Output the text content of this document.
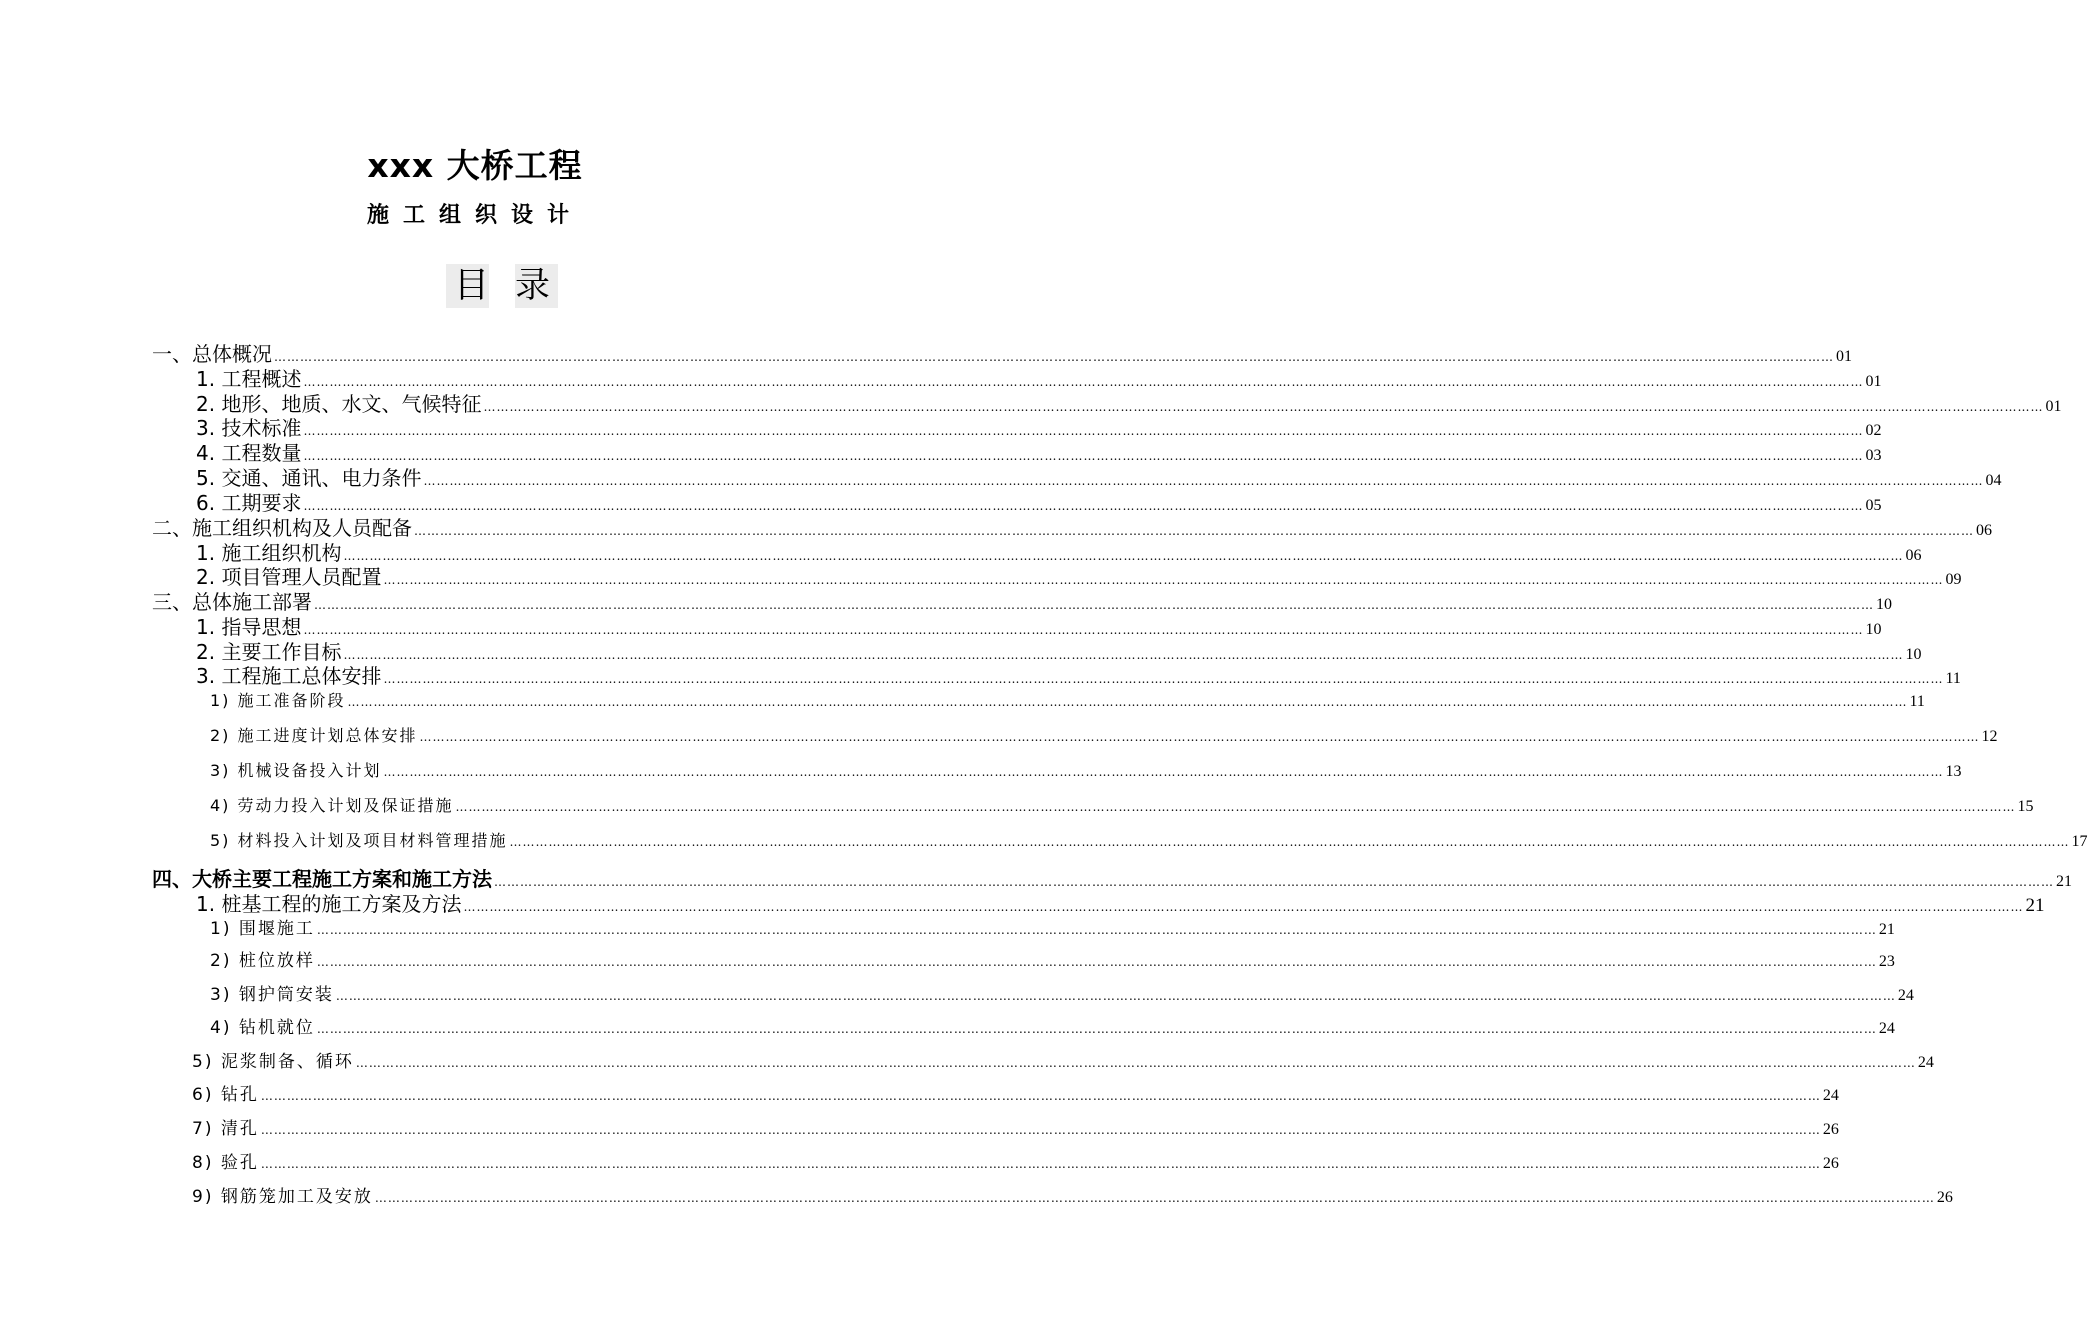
xxx 大桥工程
施工组织设计
目 录
一、总体概况 ……………………………………………………………………………………………………………………………………………………………………………………………………………………………………………………………………………………………………………………………… 01
1. 工程概述 ……………………………………………………………………………………………………………………………………………………………………………………………………………………………………………………………………………………………………………………………… 01
2. 地形、地质、水文、气候特征 ……………………………………………………………………………………………………………………………………………………………………………………………………………………………………………………………………………………………………………………………… 01
3. 技术标准 ……………………………………………………………………………………………………………………………………………………………………………………………………………………………………………………………………………………………………………………………… 02
4. 工程数量 ……………………………………………………………………………………………………………………………………………………………………………………………………………………………………………………………………………………………………………………………… 03
5. 交通、通讯、电力条件 ……………………………………………………………………………………………………………………………………………………………………………………………………………………………………………………………………………………………………………………………… 04
6. 工期要求 ……………………………………………………………………………………………………………………………………………………………………………………………………………………………………………………………………………………………………………………………… 05
二、施工组织机构及人员配备 ……………………………………………………………………………………………………………………………………………………………………………………………………………………………………………………………………………………………………………………………… 06
1. 施工组织机构 ……………………………………………………………………………………………………………………………………………………………………………………………………………………………………………………………………………………………………………………………… 06
2. 项目管理人员配置 ……………………………………………………………………………………………………………………………………………………………………………………………………………………………………………………………………………………………………………………………… 09
三、总体施工部署 ……………………………………………………………………………………………………………………………………………………………………………………………………………………………………………………………………………………………………………………………… 10
1. 指导思想 ……………………………………………………………………………………………………………………………………………………………………………………………………………………………………………………………………………………………………………………………… 10
2. 主要工作目标 ……………………………………………………………………………………………………………………………………………………………………………………………………………………………………………………………………………………………………………………………… 10
3. 工程施工总体安排 ……………………………………………………………………………………………………………………………………………………………………………………………………………………………………………………………………………………………………………………………… 11
1) 施工准备阶段 ……………………………………………………………………………………………………………………………………………………………………………………………………………………………………………………………………………………………………………………………… 11
2) 施工进度计划总体安排 ……………………………………………………………………………………………………………………………………………………………………………………………………………………………………………………………………………………………………………………………… 12
3) 机械设备投入计划 ……………………………………………………………………………………………………………………………………………………………………………………………………………………………………………………………………………………………………………………………… 13
4) 劳动力投入计划及保证措施 ……………………………………………………………………………………………………………………………………………………………………………………………………………………………………………………………………………………………………………………………… 15
5) 材料投入计划及项目材料管理措施 ……………………………………………………………………………………………………………………………………………………………………………………………………………………………………………………………………………………………………………………………… 17
四、大桥主要工程施工方案和施工方法 ……………………………………………………………………………………………………………………………………………………………………………………………………………………………………………………………………………………………………………………………… 21
1. 桩基工程的施工方案及方法 ……………………………………………………………………………………………………………………………………………………………………………………………………………………………………………………………………………………………………………………………… 21
1) 围堰施工 ……………………………………………………………………………………………………………………………………………………………………………………………………………………………………………………………………………………………………………………………… 21
2) 桩位放样 ……………………………………………………………………………………………………………………………………………………………………………………………………………………………………………………………………………………………………………………………… 23
3) 钢护筒安装 ……………………………………………………………………………………………………………………………………………………………………………………………………………………………………………………………………………………………………………………………… 24
4) 钻机就位 ……………………………………………………………………………………………………………………………………………………………………………………………………………………………………………………………………………………………………………………………… 24
5) 泥浆制备、循环 ……………………………………………………………………………………………………………………………………………………………………………………………………………………………………………………………………………………………………………………………… 24
6) 钻孔 ……………………………………………………………………………………………………………………………………………………………………………………………………………………………………………………………………………………………………………………………… 24
7) 清孔 ……………………………………………………………………………………………………………………………………………………………………………………………………………………………………………………………………………………………………………………………… 26
8) 验孔 ……………………………………………………………………………………………………………………………………………………………………………………………………………………………………………………………………………………………………………………………… 26
9) 钢筋笼加工及安放 ……………………………………………………………………………………………………………………………………………………………………………………………………………………………………………………………………………………………………………………………… 26
